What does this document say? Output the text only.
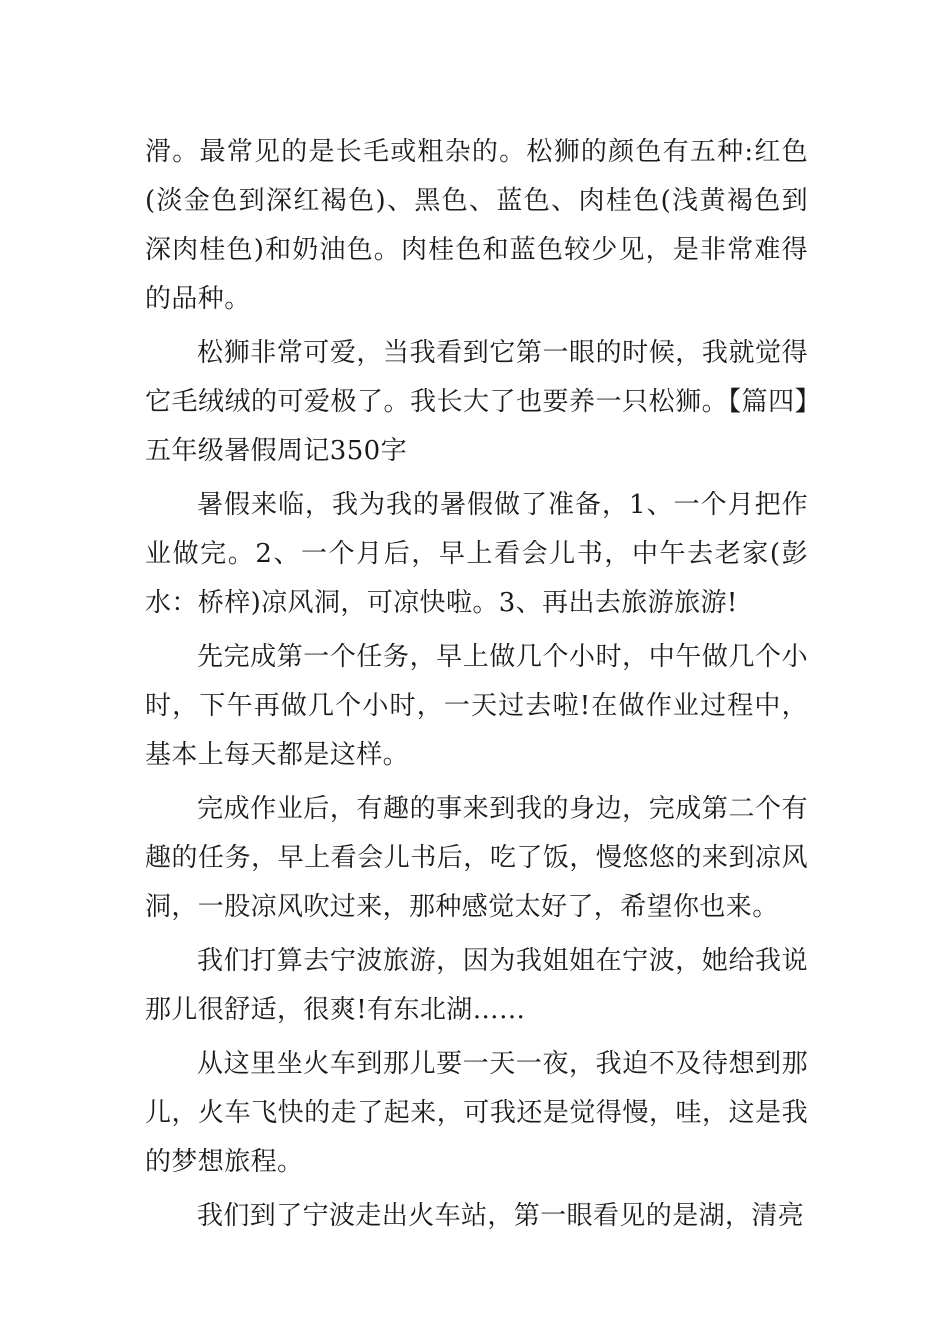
滑。最常见的是长毛或粗杂的。松狮的颜色有五种:红色(淡金色到深红褐色)、黑色、蓝色、肉桂色(浅黄褐色到深肉桂色)和奶油色。肉桂色和蓝色较少见，是非常难得的品种。

松狮非常可爱，当我看到它第一眼的时候，我就觉得它毛绒绒的可爱极了。我长大了也要养一只松狮。【篇四】五年级暑假周记350字

暑假来临，我为我的暑假做了准备，1、一个月把作业做完。2、一个月后，早上看会儿书，中午去老家(彭水：桥梓)凉风洞，可凉快啦。3、再出去旅游旅游!

先完成第一个任务，早上做几个小时，中午做几个小时，下午再做几个小时，一天过去啦!在做作业过程中，基本上每天都是这样。

完成作业后，有趣的事来到我的身边，完成第二个有趣的任务，早上看会儿书后，吃了饭，慢悠悠的来到凉风洞，一股凉风吹过来，那种感觉太好了，希望你也来。

我们打算去宁波旅游，因为我姐姐在宁波，她给我说那儿很舒适，很爽!有东北湖……

从这里坐火车到那儿要一天一夜，我迫不及待想到那儿，火车飞快的走了起来，可我还是觉得慢，哇，这是我的梦想旅程。

我们到了宁波走出火车站，第一眼看见的是湖，清亮
